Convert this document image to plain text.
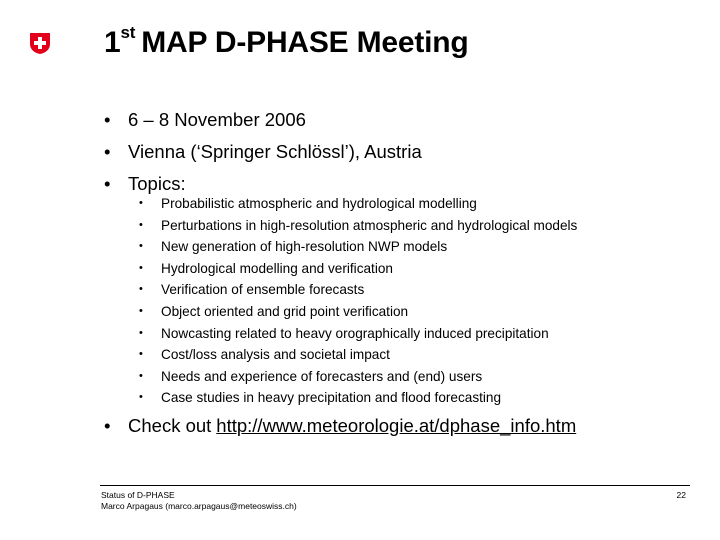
1st MAP D-PHASE Meeting
• 6 – 8 November 2006
• Vienna (‘Springer Schlössl’), Austria
• Topics:
•	Probabilistic atmospheric and hydrological modelling
•	Perturbations in high-resolution atmospheric and hydrological models
•	New generation of high-resolution NWP models
•	Hydrological modelling and verification
•	Verification of ensemble forecasts
•	Object oriented and grid point verification
•	Nowcasting related to heavy orographically induced precipitation
•	Cost/loss analysis and societal impact
•	Needs and experience of forecasters and (end) users
•	Case studies in heavy precipitation and flood forecasting
• Check out http://www.meteorologie.at/dphase_info.htm
Status of D-PHASE
Marco Arpagaus (marco.arpagaus@meteoswiss.ch)
22
